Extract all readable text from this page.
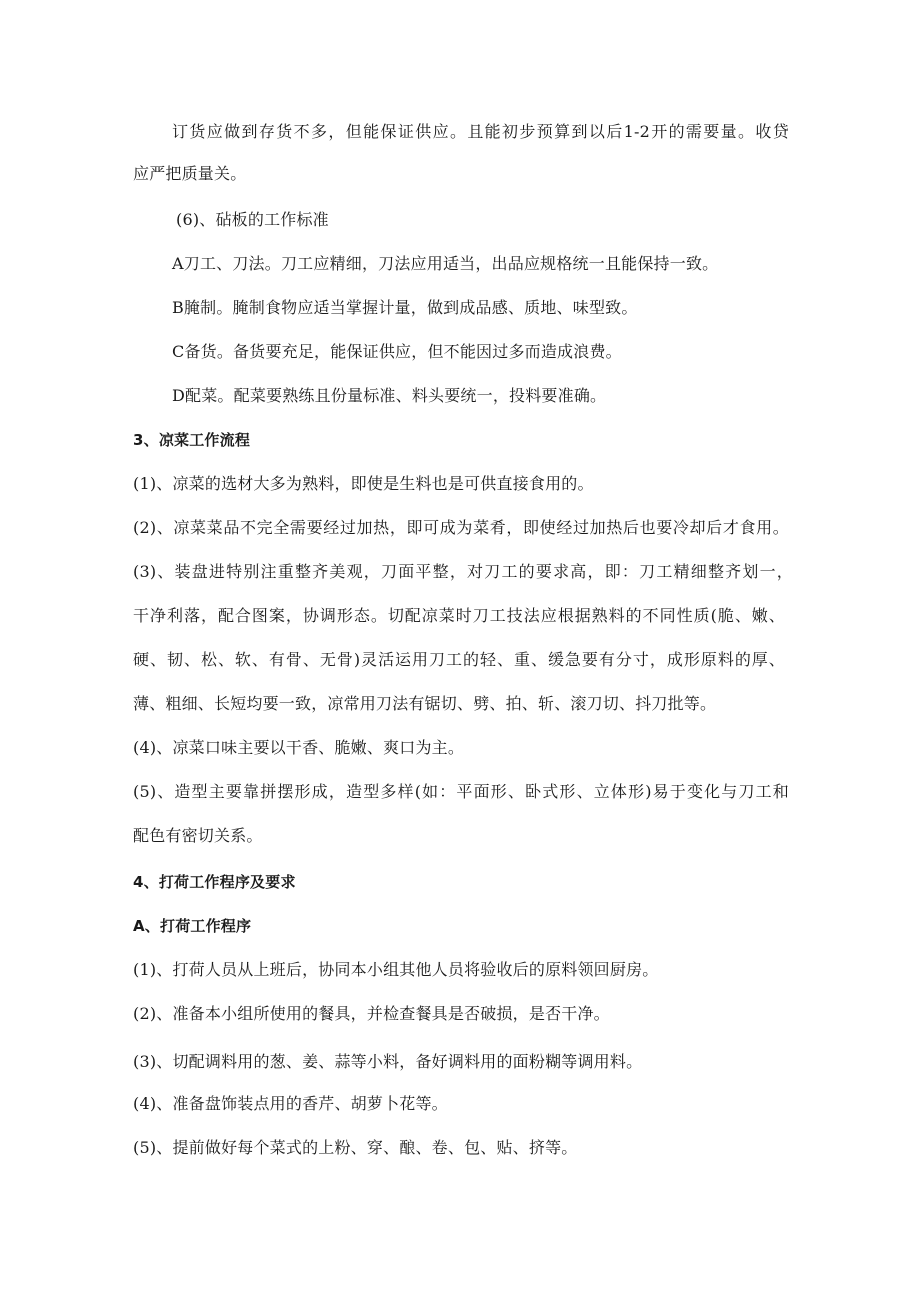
订货应做到存货不多，但能保证供应。且能初步预算到以后1-2开的需要量。收贷
应严把质量关。
(6)、砧板的工作标准
A刀工、刀法。刀工应精细，刀法应用适当，出品应规格统一且能保持一致。
B腌制。腌制食物应适当掌握计量，做到成品感、质地、味型致。
C备货。备货要充足，能保证供应，但不能因过多而造成浪费。
D配菜。配菜要熟练且份量标准、料头要统一，投料要准确。
3、凉菜工作流程
(1)、凉菜的选材大多为熟料，即使是生料也是可供直接食用的。
(2)、凉菜菜品不完全需要经过加热，即可成为菜肴，即使经过加热后也要冷却后才食用。
(3)、装盘进特别注重整齐美观，刀面平整，对刀工的要求高，即：刀工精细整齐划一，
干净利落，配合图案，协调形态。切配凉菜时刀工技法应根据熟料的不同性质(脆、嫩、
硬、韧、松、软、有骨、无骨)灵活运用刀工的轻、重、缓急要有分寸，成形原料的厚、
薄、粗细、长短均要一致，凉常用刀法有锯切、劈、拍、斩、滚刀切、抖刀批等。
(4)、凉菜口味主要以干香、脆嫩、爽口为主。
(5)、造型主要靠拼摆形成，造型多样(如：平面形、卧式形、立体形)易于变化与刀工和
配色有密切关系。
4、打荷工作程序及要求
A、打荷工作程序
(1)、打荷人员从上班后，协同本小组其他人员将验收后的原料领回厨房。
(2)、准备本小组所使用的餐具，并检查餐具是否破损，是否干净。
(3)、切配调料用的葱、姜、蒜等小料，备好调料用的面粉糊等调用料。
(4)、准备盘饰装点用的香芹、胡萝卜花等。
(5)、提前做好每个菜式的上粉、穿、酿、卷、包、贴、挤等。
